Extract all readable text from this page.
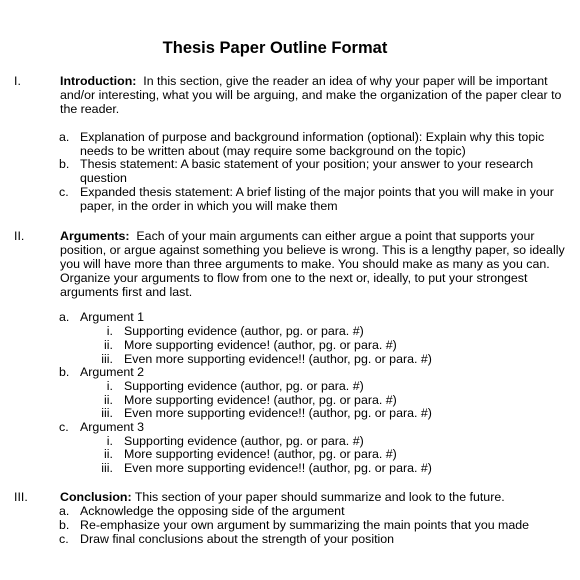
Thesis Paper Outline Format
I.	Introduction: In this section, give the reader an idea of why your paper will be important
and/or interesting, what you will be arguing, and make the organization of the paper clear to
the reader.
a. Explanation of purpose and background information (optional): Explain why this topic
needs to be written about (may require some background on the topic)
b. Thesis statement: A basic statement of your position; your answer to your research
question
c. Expanded thesis statement: A brief listing of the major points that you will make in your
paper, in the order in which you will make them
II.	Arguments: Each of your main arguments can either argue a point that supports your
position, or argue against something you believe is wrong. This is a lengthy paper, so ideally
you will have more than three arguments to make. You should make as many as you can.
Organize your arguments to flow from one to the next or, ideally, to put your strongest
arguments first and last.
a. Argument 1
i. Supporting evidence (author, pg. or para. #)
ii. More supporting evidence! (author, pg. or para. #)
iii. Even more supporting evidence!! (author, pg. or para. #)
b. Argument 2
i. Supporting evidence (author, pg. or para. #)
ii. More supporting evidence! (author, pg. or para. #)
iii. Even more supporting evidence!! (author, pg. or para. #)
c. Argument 3
i. Supporting evidence (author, pg. or para. #)
ii. More supporting evidence! (author, pg. or para. #)
iii. Even more supporting evidence!! (author, pg. or para. #)
III.	Conclusion: This section of your paper should summarize and look to the future.
a. Acknowledge the opposing side of the argument
b. Re-emphasize your own argument by summarizing the main points that you made
c. Draw final conclusions about the strength of your position
